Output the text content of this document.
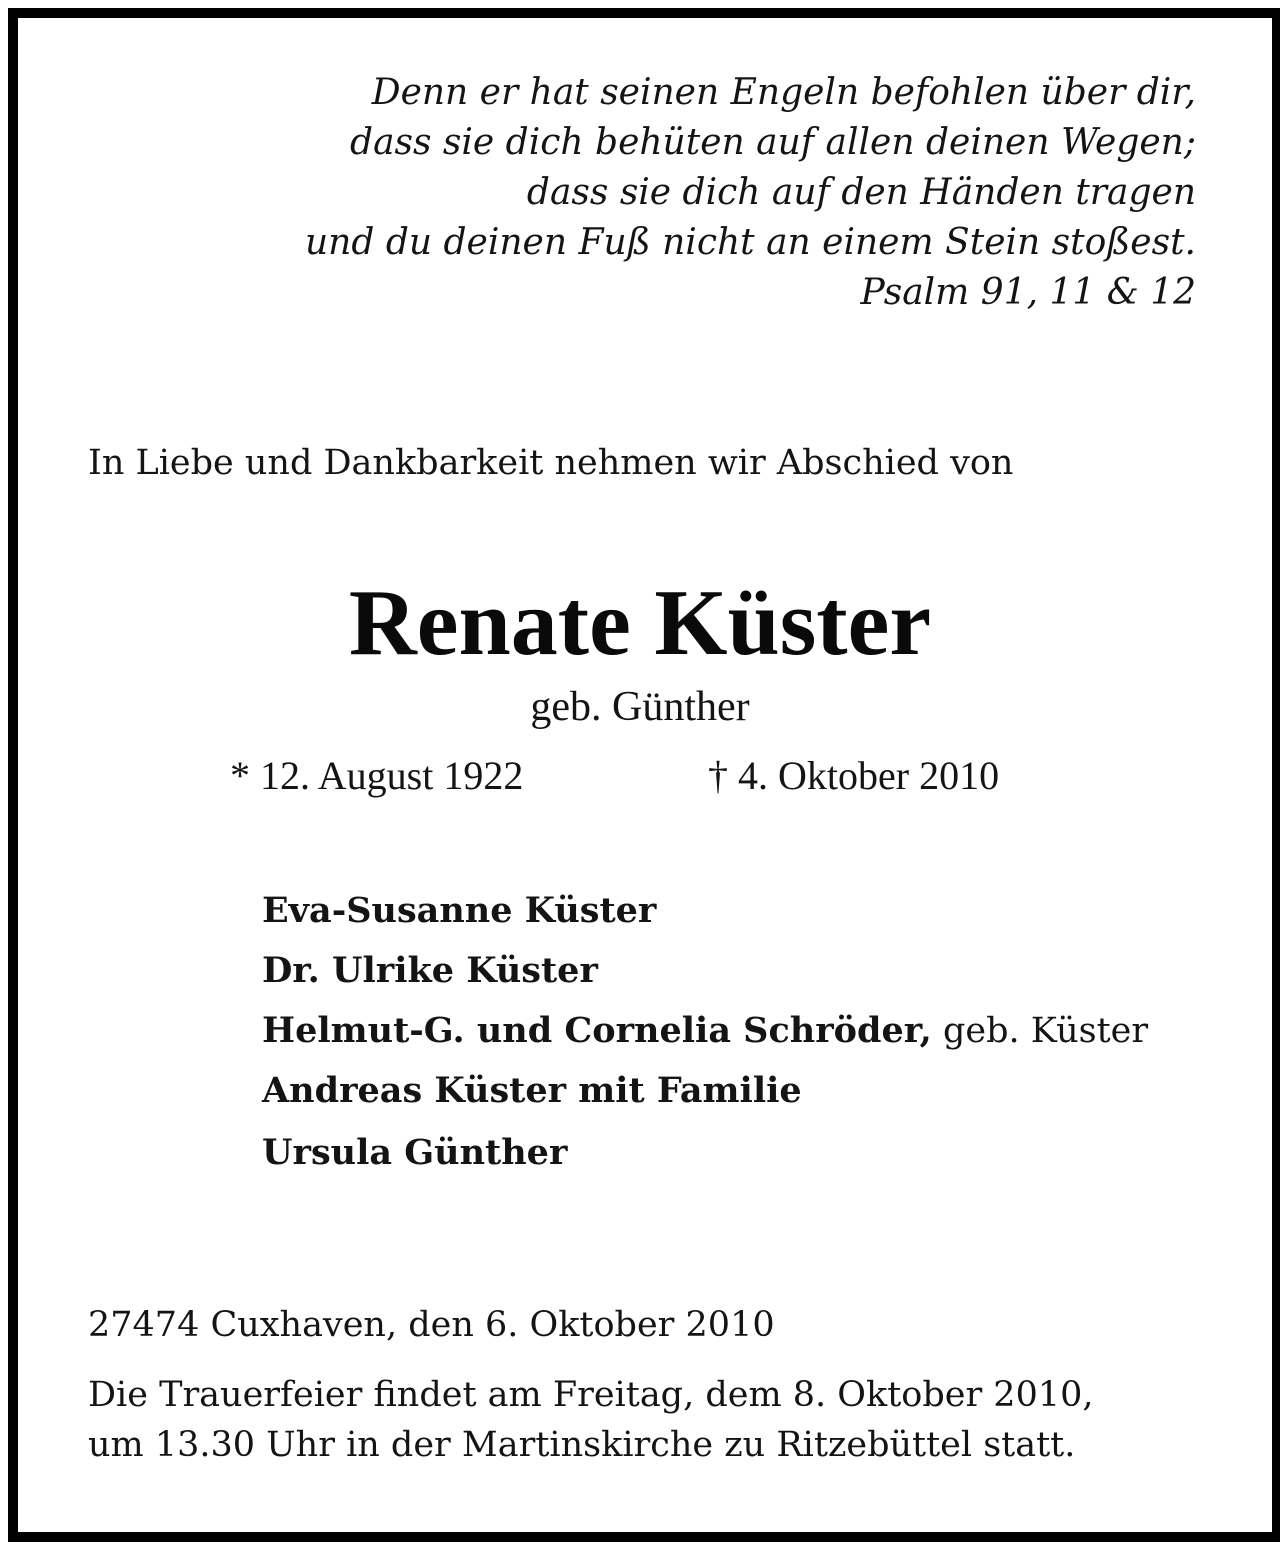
Denn er hat seinen Engeln befohlen über dir,
dass sie dich behüten auf allen deinen Wegen;
dass sie dich auf den Händen tragen
und du deinen Fuß nicht an einem Stein stoßest.
Psalm 91, 11 & 12
In Liebe und Dankbarkeit nehmen wir Abschied von
Renate Küster
geb. Günther
* 12. August 1922	† 4. Oktober 2010
Eva-Susanne Küster
Dr. Ulrike Küster
Helmut-G. und Cornelia Schröder, geb. Küster
Andreas Küster mit Familie
Ursula Günther
27474 Cuxhaven, den 6. Oktober 2010
Die Trauerfeier findet am Freitag, dem 8. Oktober 2010,
um 13.30 Uhr in der Martinskirche zu Ritzebüttel statt.
